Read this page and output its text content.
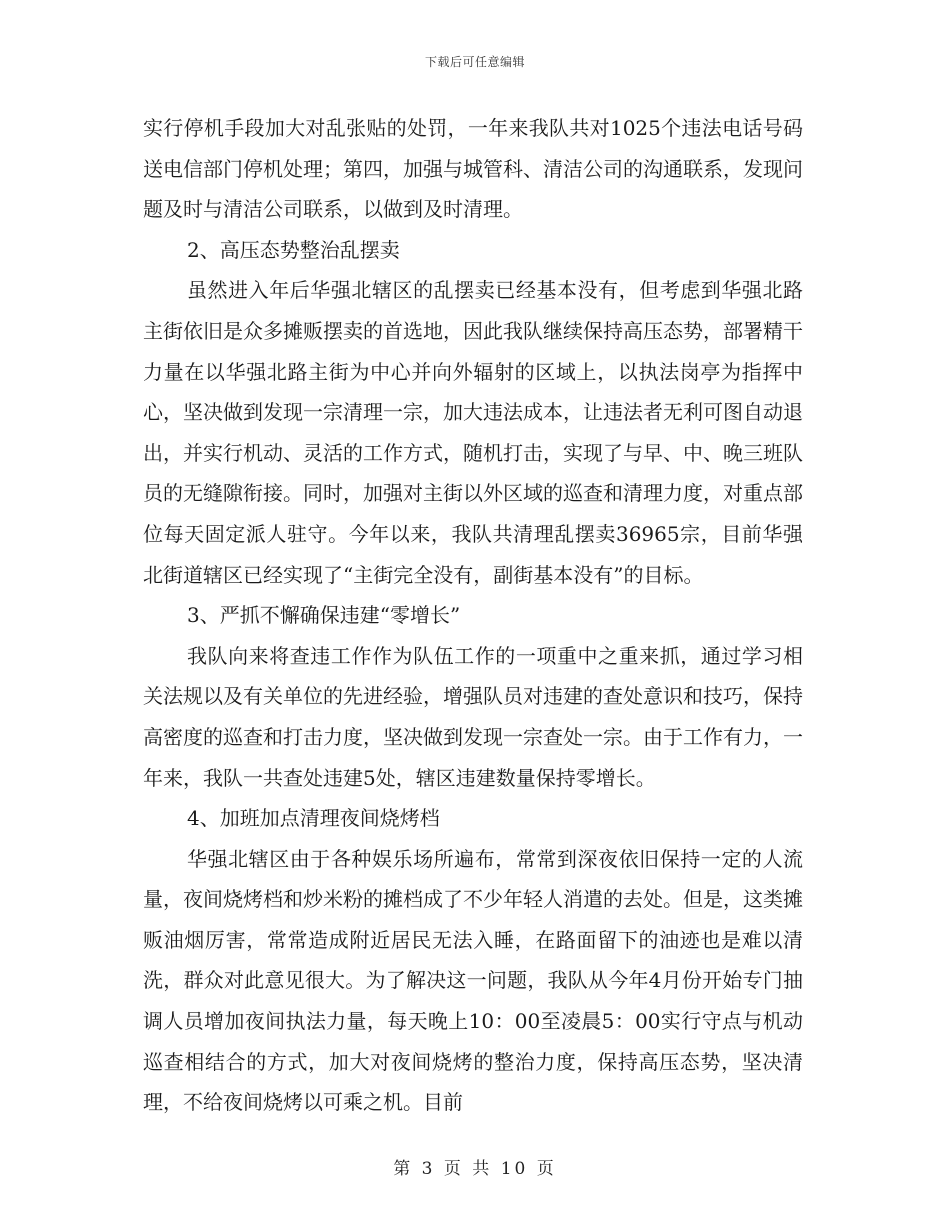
下载后可任意编辑

实行停机手段加大对乱张贴的处罚，一年来我队共对1025个违法电话号码送电信部门停机处理；第四，加强与城管科、清洁公司的沟通联系，发现问题及时与清洁公司联系，以做到及时清理。

2、高压态势整治乱摆卖

虽然进入年后华强北辖区的乱摆卖已经基本没有，但考虑到华强北路主街依旧是众多摊贩摆卖的首选地，因此我队继续保持高压态势，部署精干力量在以华强北路主街为中心并向外辐射的区域上，以执法岗亭为指挥中心，坚决做到发现一宗清理一宗，加大违法成本，让违法者无利可图自动退出，并实行机动、灵活的工作方式，随机打击，实现了与早、中、晚三班队员的无缝隙衔接。同时，加强对主街以外区域的巡查和清理力度，对重点部位每天固定派人驻守。今年以来，我队共清理乱摆卖36965宗，目前华强北街道辖区已经实现了“主街完全没有，副街基本没有”的目标。

3、严抓不懈确保违建“零增长”

我队向来将查违工作作为队伍工作的一项重中之重来抓，通过学习相关法规以及有关单位的先进经验，增强队员对违建的查处意识和技巧，保持高密度的巡查和打击力度，坚决做到发现一宗查处一宗。由于工作有力，一年来，我队一共查处违建5处，辖区违建数量保持零增长。

4、加班加点清理夜间烧烤档

华强北辖区由于各种娱乐场所遍布，常常到深夜依旧保持一定的人流量，夜间烧烤档和炒米粉的摊档成了不少年轻人消遣的去处。但是，这类摊贩油烟厉害，常常造成附近居民无法入睡，在路面留下的油迹也是难以清洗，群众对此意见很大。为了解决这一问题，我队从今年4月份开始专门抽调人员增加夜间执法力量，每天晚上10：00至凌晨5：00实行守点与机动巡查相结合的方式，加大对夜间烧烤的整治力度，保持高压态势，坚决清理，不给夜间烧烤以可乘之机。目前

第 3 页 共 10 页
